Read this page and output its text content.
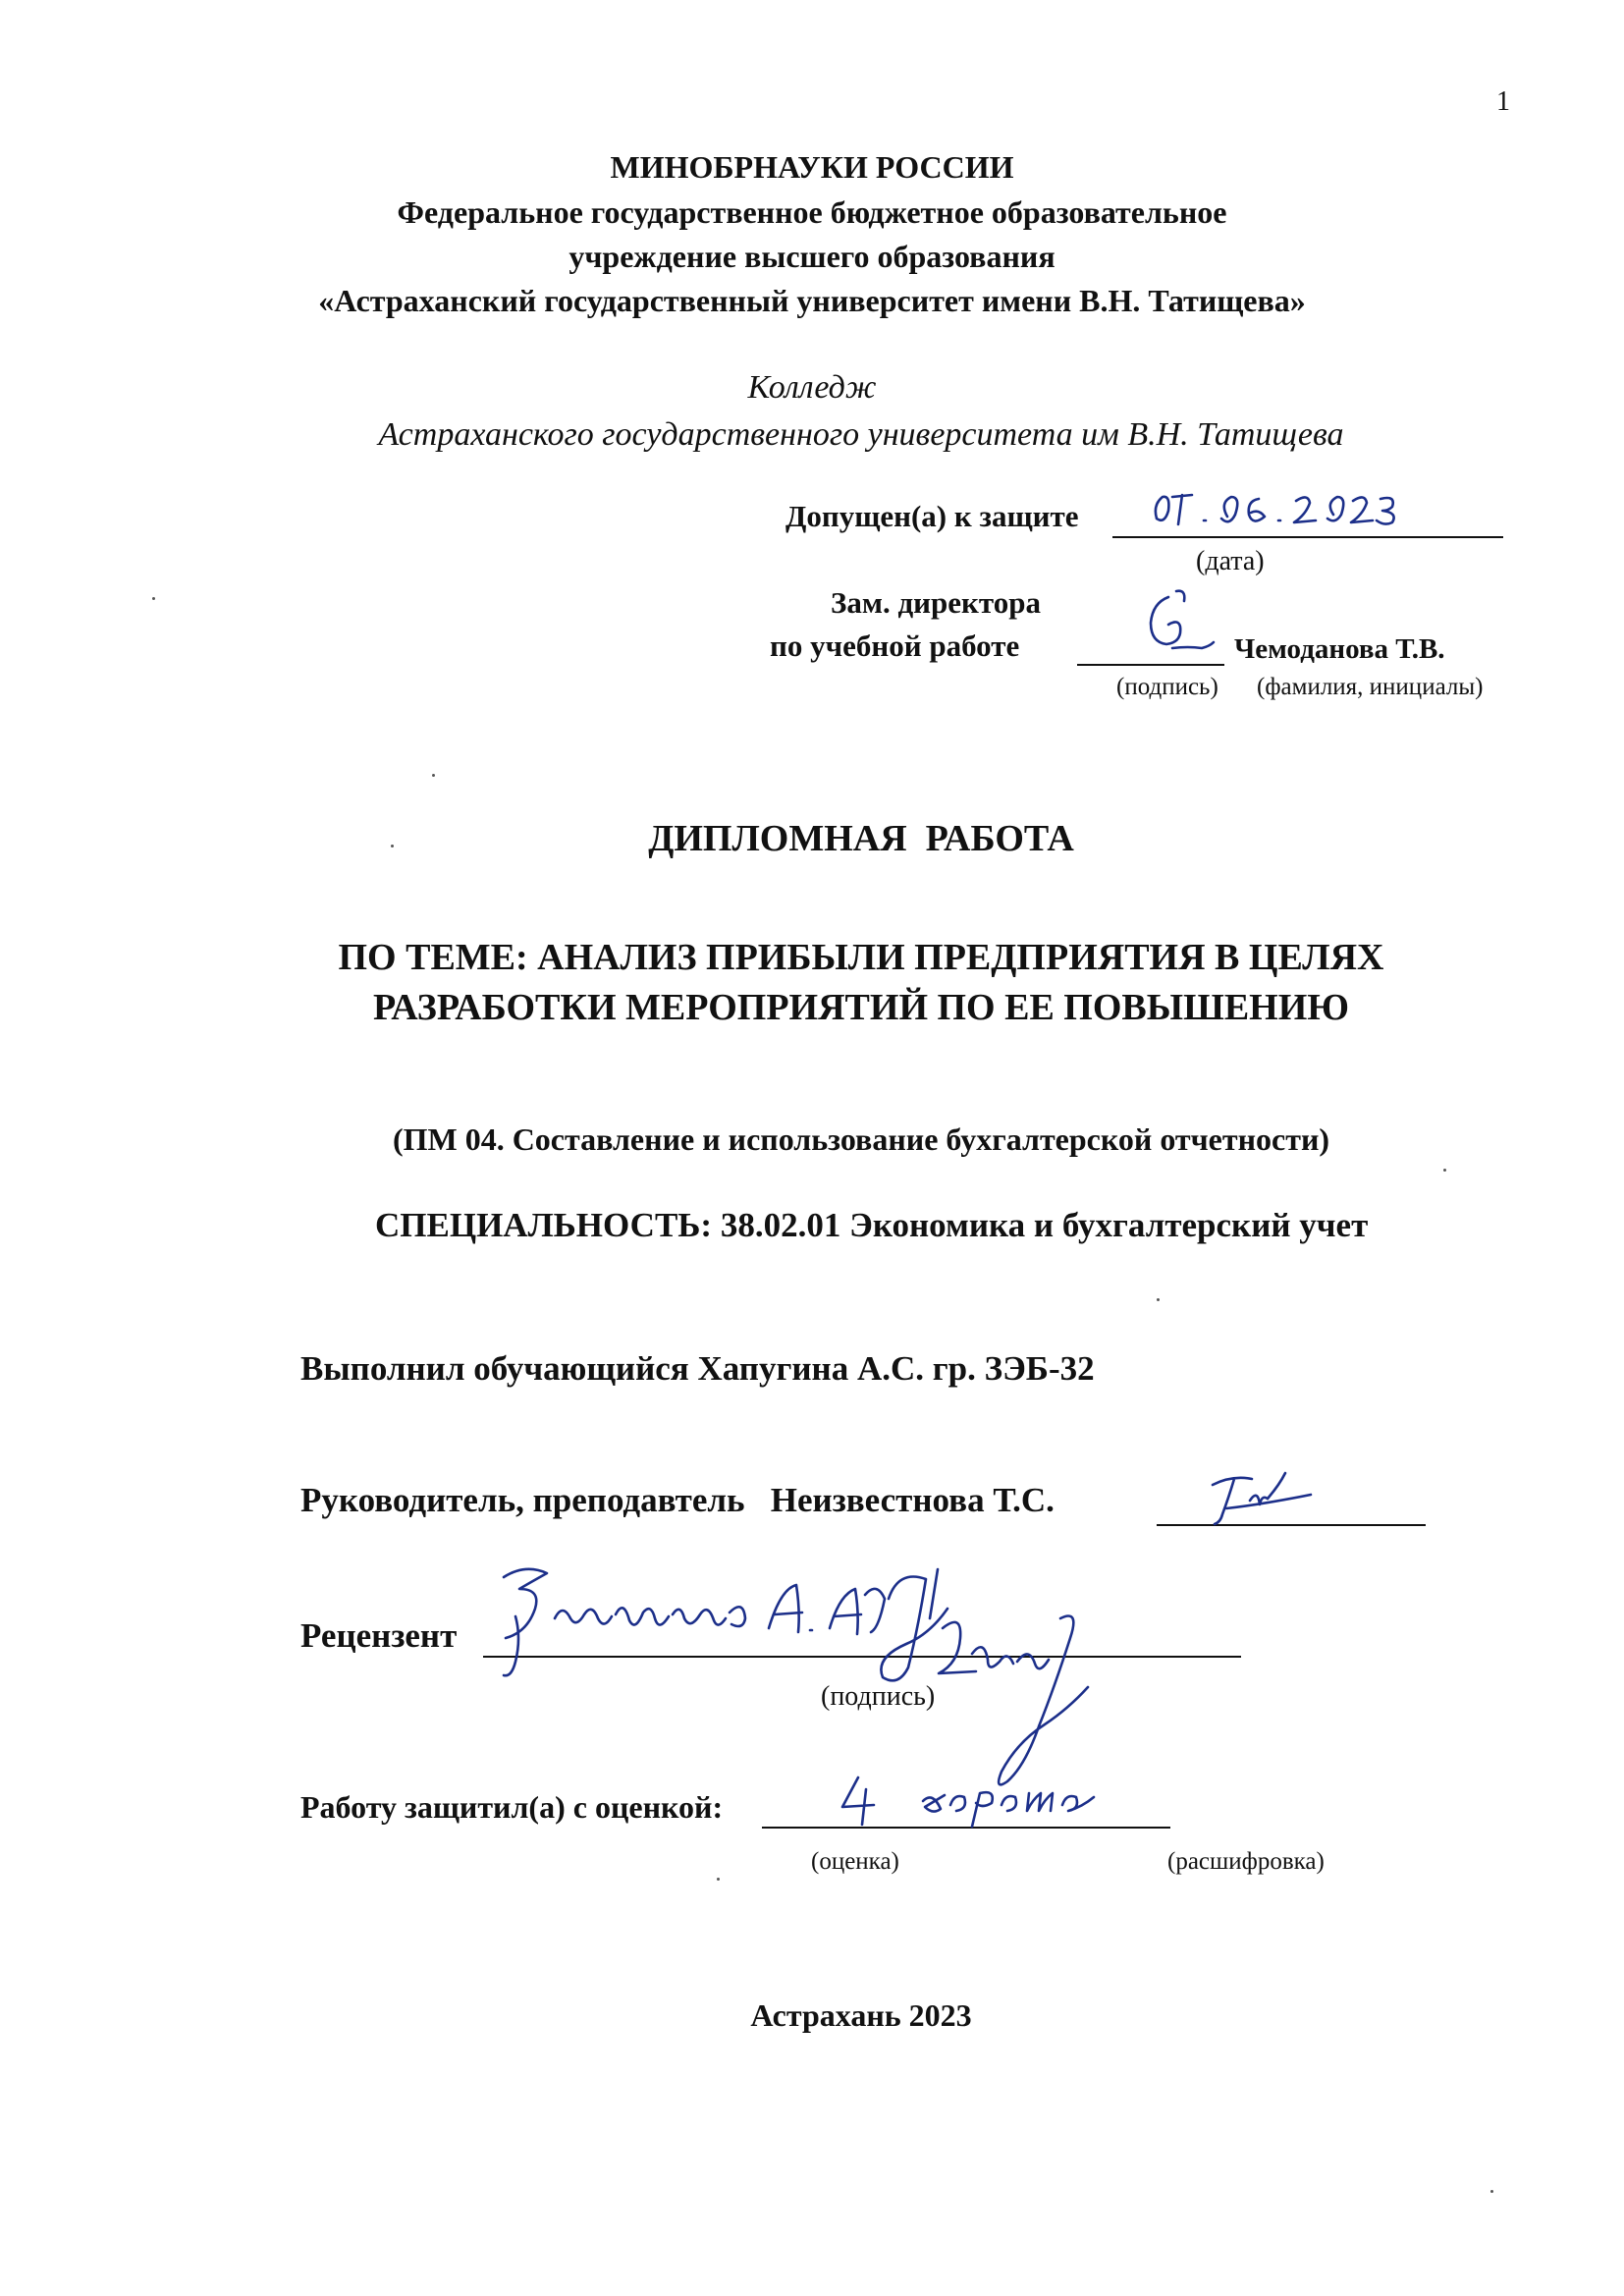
1
МИНОБРНАУКИ РОССИИ
Федеральное государственное бюджетное образовательное
учреждение высшего образования
«Астраханский государственный университет имени В.Н. Татищева»
Колледж
Астраханского государственного университета им В.Н. Татищева
Допущен(а) к защите
(дата)
Зам. директора
по учебной работе	Чемоданова Т.В.
(подпись) (фамилия, инициалы)
ДИПЛОМНАЯ  РАБОТА
ПО ТЕМЕ: АНАЛИЗ ПРИБЫЛИ ПРЕДПРИЯТИЯ В ЦЕЛЯХ
РАЗРАБОТКИ МЕРОПРИЯТИЙ ПО ЕЕ ПОВЫШЕНИЮ
(ПМ 04. Составление и использование бухгалтерской отчетности)
СПЕЦИАЛЬНОСТЬ: 38.02.01 Экономика и бухгалтерский учет
Выполнил обучающийся Хапугина А.С. гр. ЗЭБ-32
Руководитель, преподавтель   Неизвестнова Т.С.
Рецензент
(подпись)
Работу защитил(а) с оценкой:
(оценка)	(расшифровка)
Астрахань 2023
